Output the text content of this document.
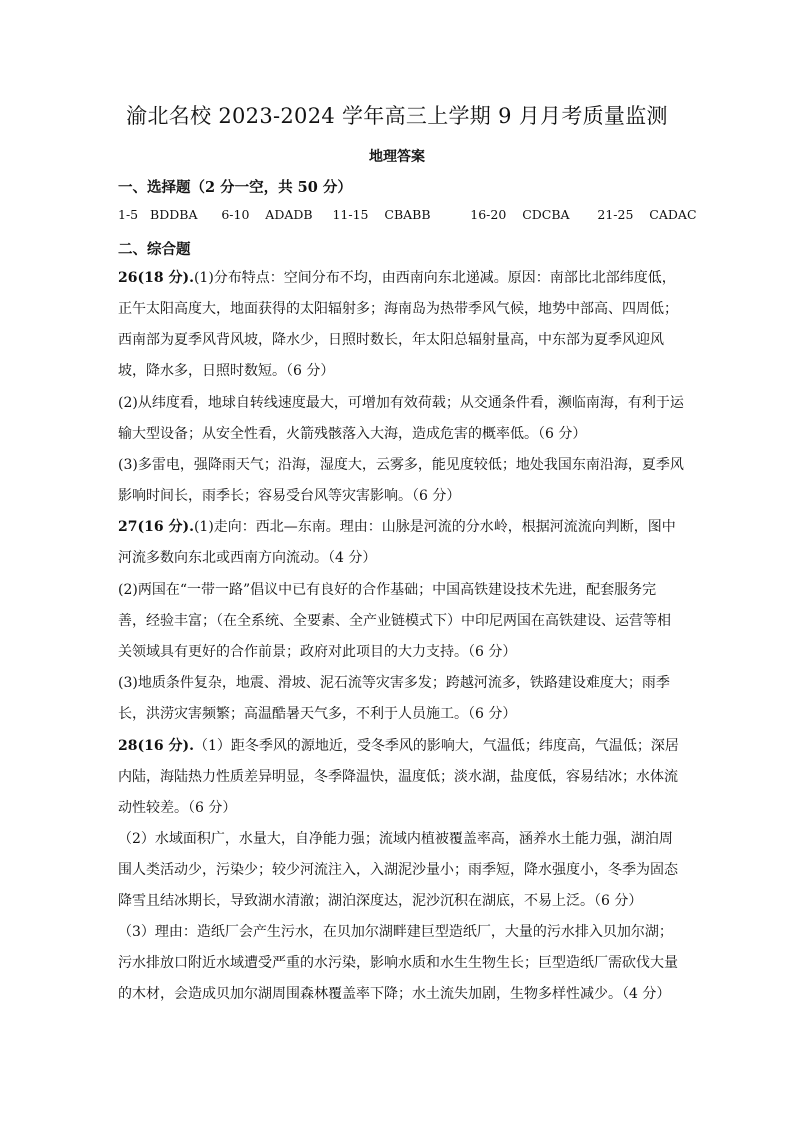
渝北名校 2023-2024 学年高三上学期 9 月月考质量监测
地理答案
一、选择题（2 分一空，共 50 分）
1-5   BDDBA      6-10    ADADB     11-15    CBABB          16-20    CDCBA       21-25    CADAC
二、综合题
26(18 分).(1)分布特点：空间分布不均，由西南向东北递减。原因：南部比北部纬度低，正午太阳高度大，地面获得的太阳辐射多；海南岛为热带季风气候，地势中部高、四周低；西南部为夏季风背风坡，降水少，日照时数长，年太阳总辐射量高，中东部为夏季风迎风坡，降水多，日照时数短。（6 分）
(2)从纬度看，地球自转线速度最大，可增加有效荷载；从交通条件看，濒临南海，有利于运输大型设备；从安全性看，火箭残骸落入大海，造成危害的概率低。（6 分）
(3)多雷电，强降雨天气；沿海，湿度大，云雾多，能见度较低；地处我国东南沿海，夏季风影响时间长，雨季长；容易受台风等灾害影响。（6 分）
27(16 分).(1)走向：西北—东南。理由：山脉是河流的分水岭，根据河流流向判断，图中河流多数向东北或西南方向流动。（4 分）
(2)两国在“一带一路”倡议中已有良好的合作基础；中国高铁建设技术先进，配套服务完善，经验丰富；（在全系统、全要素、全产业链模式下）中印尼两国在高铁建设、运营等相关领域具有更好的合作前景；政府对此项目的大力支持。（6 分）
(3)地质条件复杂，地震、滑坡、泥石流等灾害多发；跨越河流多，铁路建设难度大；雨季长，洪涝灾害频繁；高温酷暑天气多，不利于人员施工。（6 分）
28(16 分).（1）距冬季风的源地近，受冬季风的影响大，气温低；纬度高，气温低；深居内陆，海陆热力性质差异明显，冬季降温快，温度低；淡水湖，盐度低，容易结冰；水体流动性较差。（6 分）
（2）水域面积广，水量大，自净能力强；流域内植被覆盖率高，涵养水土能力强，湖泊周围人类活动少，污染少；较少河流注入，入湖泥沙量小；雨季短，降水强度小，冬季为固态降雪且结冰期长，导致湖水清澈；湖泊深度达，泥沙沉积在湖底，不易上泛。（6 分）
（3）理由：造纸厂会产生污水，在贝加尔湖畔建巨型造纸厂，大量的污水排入贝加尔湖；污水排放口附近水域遭受严重的水污染，影响水质和水生生物生长；巨型造纸厂需砍伐大量的木材，会造成贝加尔湖周围森林覆盖率下降；水土流失加剧，生物多样性减少。（4 分）
